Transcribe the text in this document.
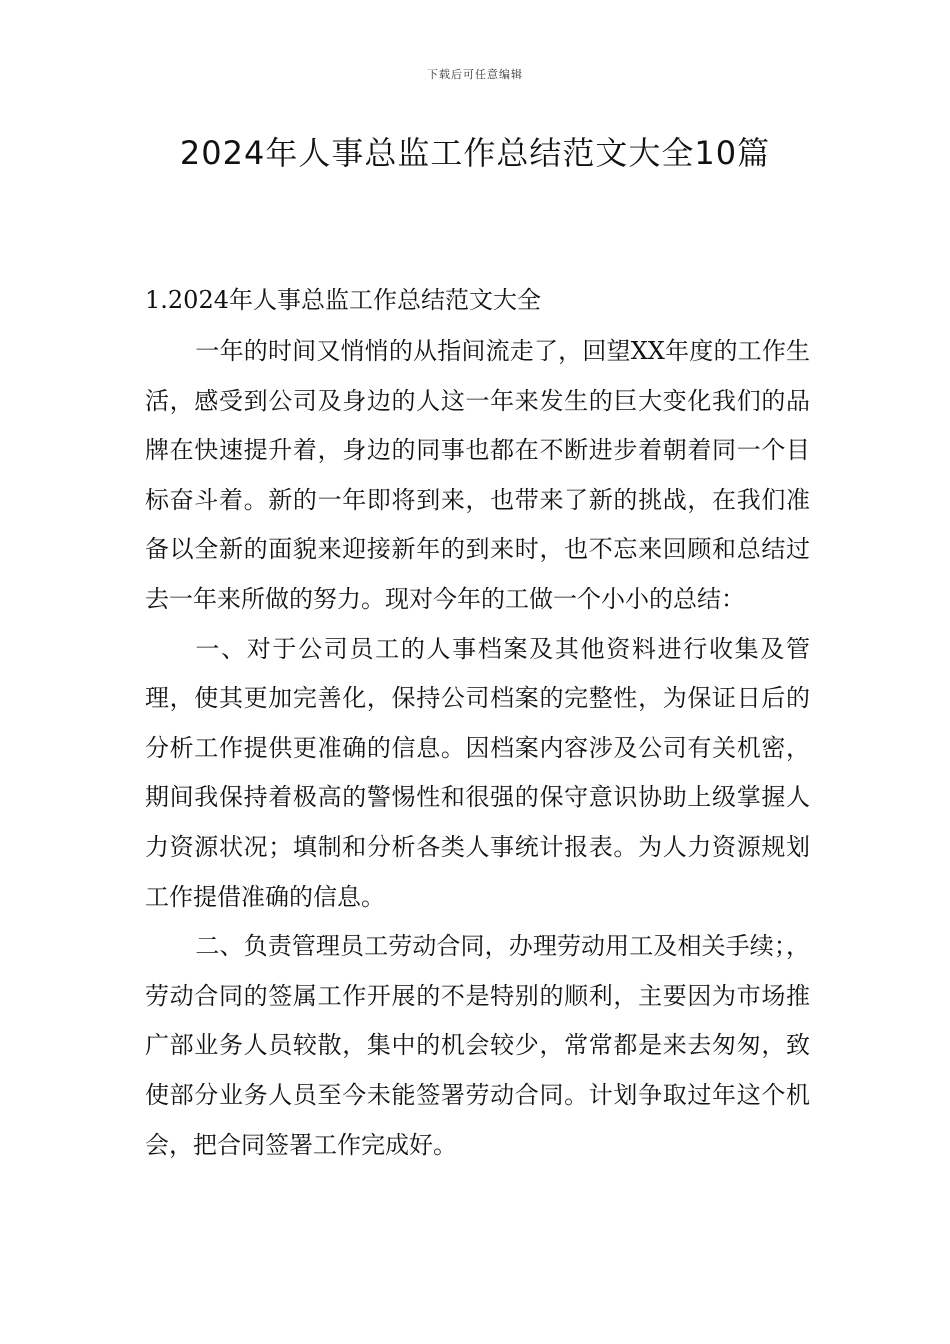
下载后可任意编辑
2024年人事总监工作总结范文大全10篇
1.2024年人事总监工作总结范文大全

一年的时间又悄悄的从指间流走了，回望XX年度的工作生活，感受到公司及身边的人这一年来发生的巨大变化我们的品牌在快速提升着，身边的同事也都在不断进步着朝着同一个目标奋斗着。新的一年即将到来，也带来了新的挑战，在我们准备以全新的面貌来迎接新年的到来时，也不忘来回顾和总结过去一年来所做的努力。现对今年的工做一个小小的总结：

一、对于公司员工的人事档案及其他资料进行收集及管理，使其更加完善化，保持公司档案的完整性，为保证日后的分析工作提供更准确的信息。因档案内容涉及公司有关机密，期间我保持着极高的警惕性和很强的保守意识协助上级掌握人力资源状况；填制和分析各类人事统计报表。为人力资源规划工作提借准确的信息。

二、负责管理员工劳动合同，办理劳动用工及相关手续；，劳动合同的签属工作开展的不是特别的顺利，主要因为市场推广部业务人员较散，集中的机会较少，常常都是来去匆匆，致使部分业务人员至今未能签署劳动合同。计划争取过年这个机会，把合同签署工作完成好。
